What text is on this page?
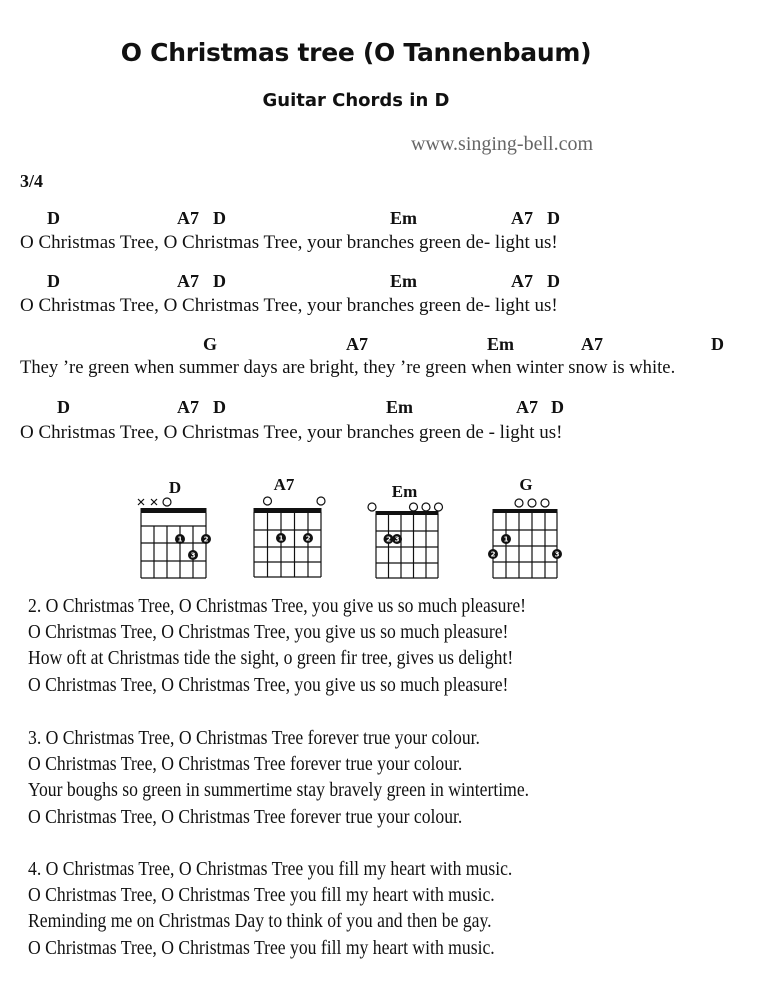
O Christmas tree (O Tannenbaum)
Guitar Chords in D
www.singing-bell.com
3/4
D	A7 D	Em	A7 D
O Christmas Tree, O Christmas Tree, your branches green de- light us!
D	A7 D	Em	A7 D
O Christmas Tree, O Christmas Tree, your branches green de- light us!
G	A7	Em	A7	D
They ’re green when summer days are bright, they ’re green when winter snow is white.
D	A7 D	Em	A7 D
O Christmas Tree, O Christmas Tree, your branches green de - light us!
D
1	2
3
A7
1	2
Em
2 3
G
1
2	3
2. O Christmas Tree, O Christmas Tree, you give us so much pleasure!
O Christmas Tree, O Christmas Tree, you give us so much pleasure!
How oft at Christmas tide the sight, o green fir tree, gives us delight!
O Christmas Tree, O Christmas Tree, you give us so much pleasure!
3. O Christmas Tree, O Christmas Tree forever true your colour.
O Christmas Tree, O Christmas Tree forever true your colour.
Your boughs so green in summertime stay bravely green in wintertime.
O Christmas Tree, O Christmas Tree forever true your colour.
4. O Christmas Tree, O Christmas Tree you fill my heart with music.
O Christmas Tree, O Christmas Tree you fill my heart with music.
Reminding me on Christmas Day to think of you and then be gay.
O Christmas Tree, O Christmas Tree you fill my heart with music.
